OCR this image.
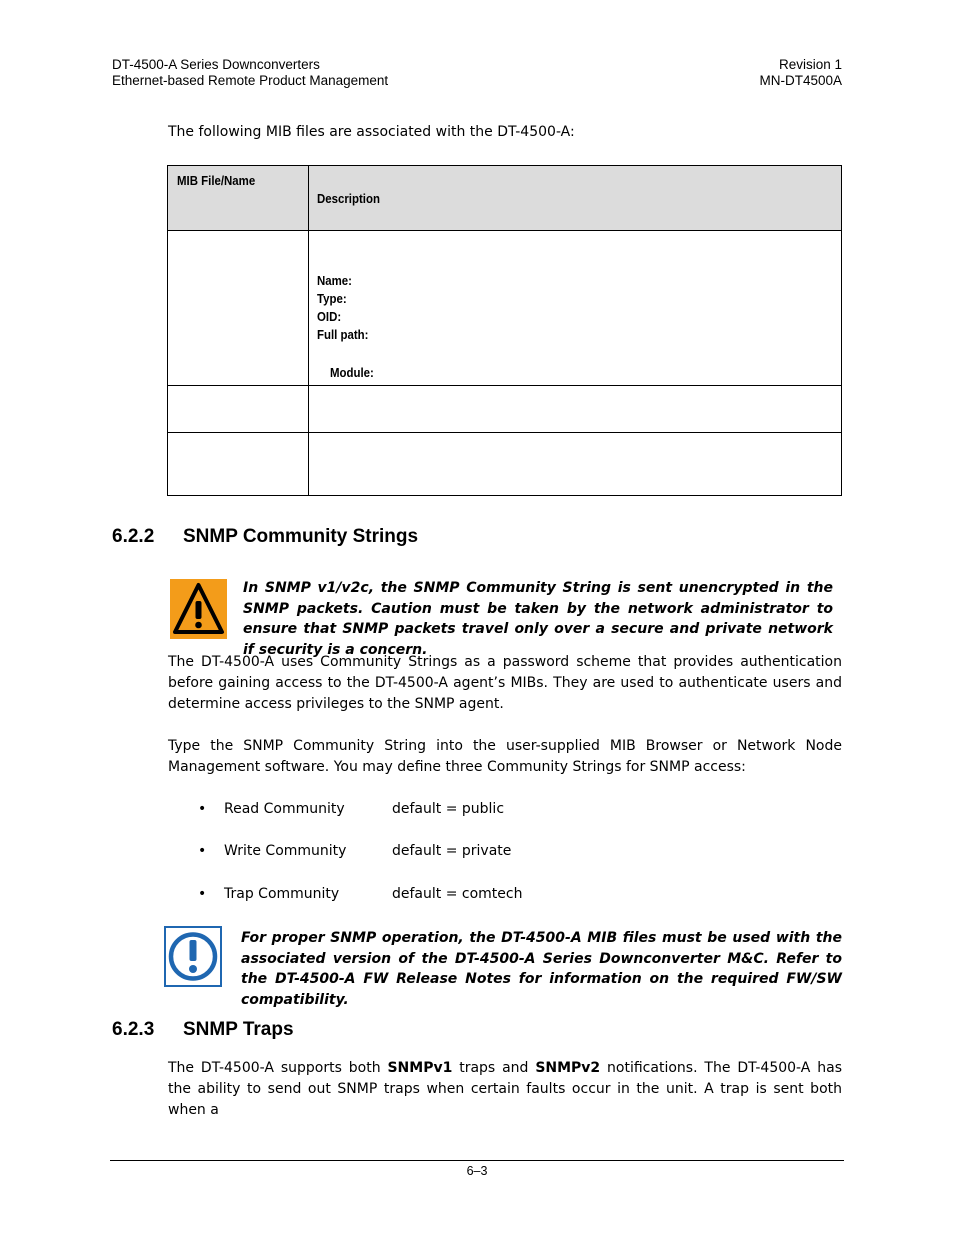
DT-4500-A Series Downconverters
Ethernet-based Remote Product Management
Revision 1
MN-DT4500A
The following MIB files are associated with the DT-4500-A:
MIB File/Name	Description

	Name:
Type:
OID:
Full path:
Module:

6.2.2 SNMP Community Strings
In SNMP v1/v2c, the SNMP Community String is sent unencrypted in the SNMP packets. Caution must be taken by the network administrator to ensure that SNMP packets travel only over a secure and private network if security is a concern.
The DT-4500-A uses Community Strings as a password scheme that provides authentication before gaining access to the DT-4500-A agent’s MIBs. They are used to authenticate users and determine access privileges to the SNMP agent.
Type the SNMP Community String into the user-supplied MIB Browser or Network Node Management software. You may define three Community Strings for SNMP access:
• Read Community	default = public
• Write Community	default = private
• Trap Community	default = comtech
For proper SNMP operation, the DT-4500-A MIB files must be used with the associated version of the DT-4500-A Series Downconverter M&C. Refer to the DT-4500-A FW Release Notes for information on the required FW/SW compatibility.
6.2.3 SNMP Traps
The DT-4500-A supports both SNMPv1 traps and SNMPv2 notifications. The DT-4500-A has the ability to send out SNMP traps when certain faults occur in the unit. A trap is sent both when a
6–3
